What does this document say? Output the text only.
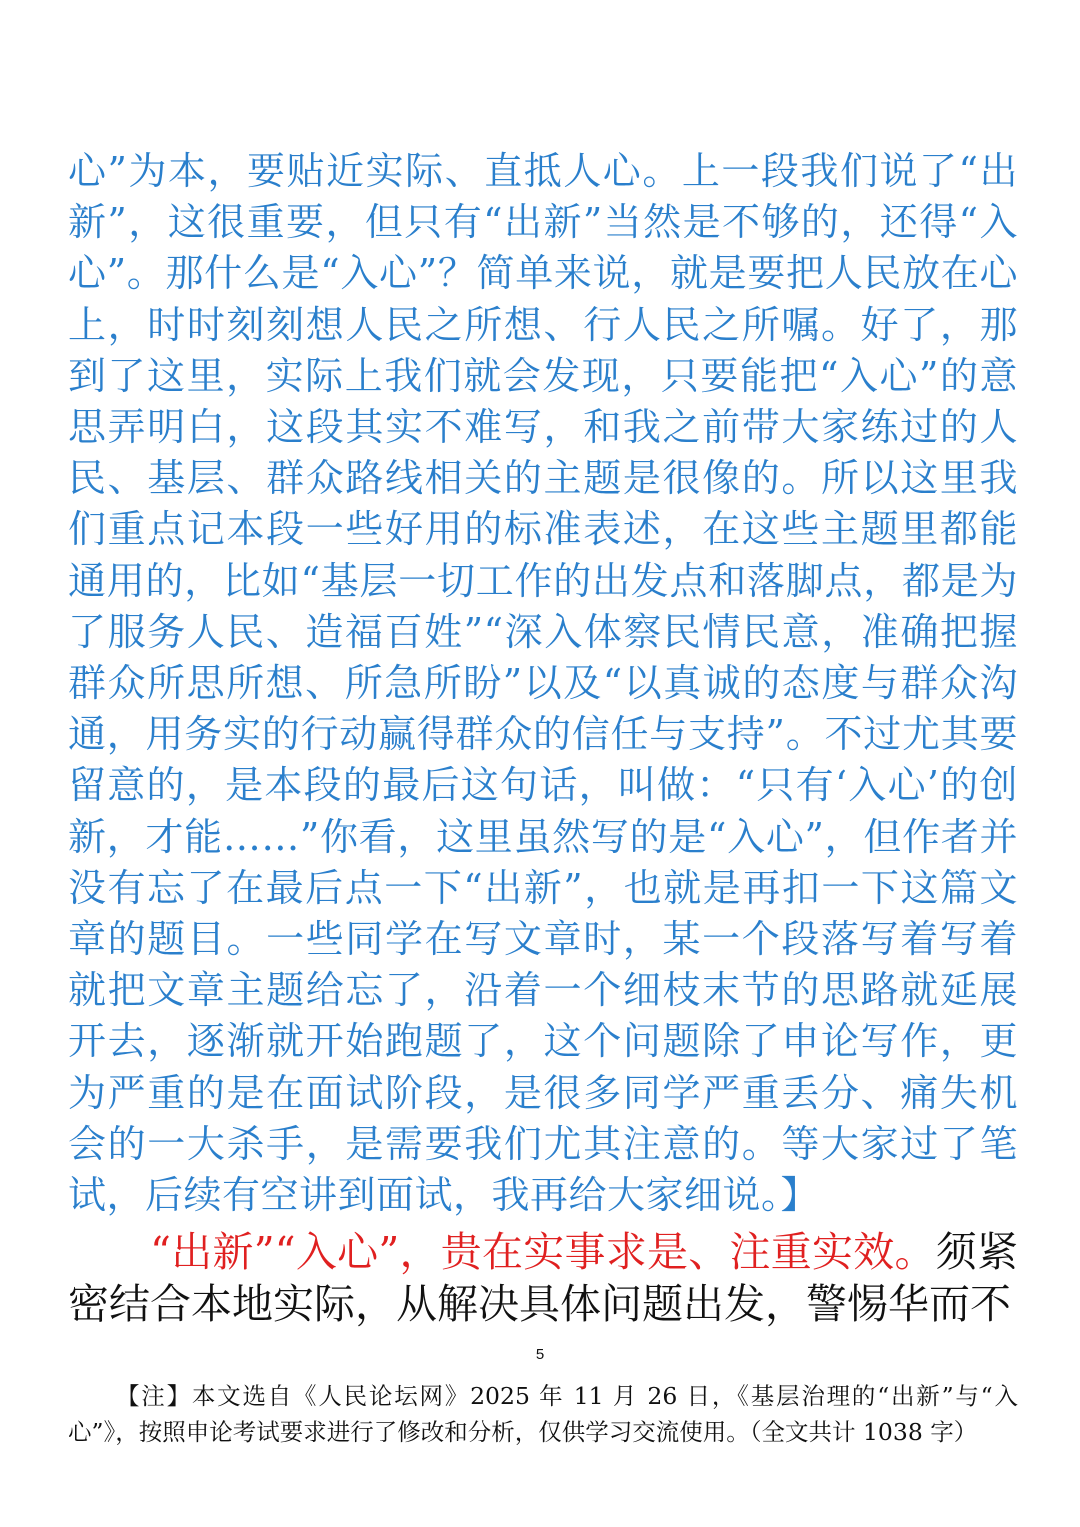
心”为本，要贴近实际、直抵人心。上一段我们说了“出新”，这很重要，但只有“出新”当然是不够的，还得“入心”。那什么是“入心”？简单来说，就是要把人民放在心上，时时刻刻想人民之所想、行人民之所嘱。好了，那到了这里，实际上我们就会发现，只要能把“入心”的意思弄明白，这段其实不难写，和我之前带大家练过的人民、基层、群众路线相关的主题是很像的。所以这里我们重点记本段一些好用的标准表述，在这些主题里都能通用的，比如“基层一切工作的出发点和落脚点，都是为了服务人民、造福百姓”“深入体察民情民意，准确把握群众所思所想、所急所盼”以及“以真诚的态度与群众沟通，用务实的行动赢得群众的信任与支持”。不过尤其要留意的，是本段的最后这句话，叫做：“只有‘入心’的创新，才能……”你看，这里虽然写的是“入心”，但作者并没有忘了在最后点一下“出新”，也就是再扣一下这篇文章的题目。一些同学在写文章时，某一个段落写着写着就把文章主题给忘了，沿着一个细枝末节的思路就延展开去，逐渐就开始跑题了，这个问题除了申论写作，更为严重的是在面试阶段，是很多同学严重丢分、痛失机会的一大杀手，是需要我们尤其注意的。等大家过了笔试，后续有空讲到面试，我再给大家细说。】

“出新”“入心”，贵在实事求是、注重实效。须紧密结合本地实际，从解决具体问题出发，警惕华而不

5

【注】本文选自《人民论坛网》2025 年 11 月 26 日，《基层治理的“出新”与“入心”》，按照申论考试要求进行了修改和分析，仅供学习交流使用。（全文共计 1038 字）
